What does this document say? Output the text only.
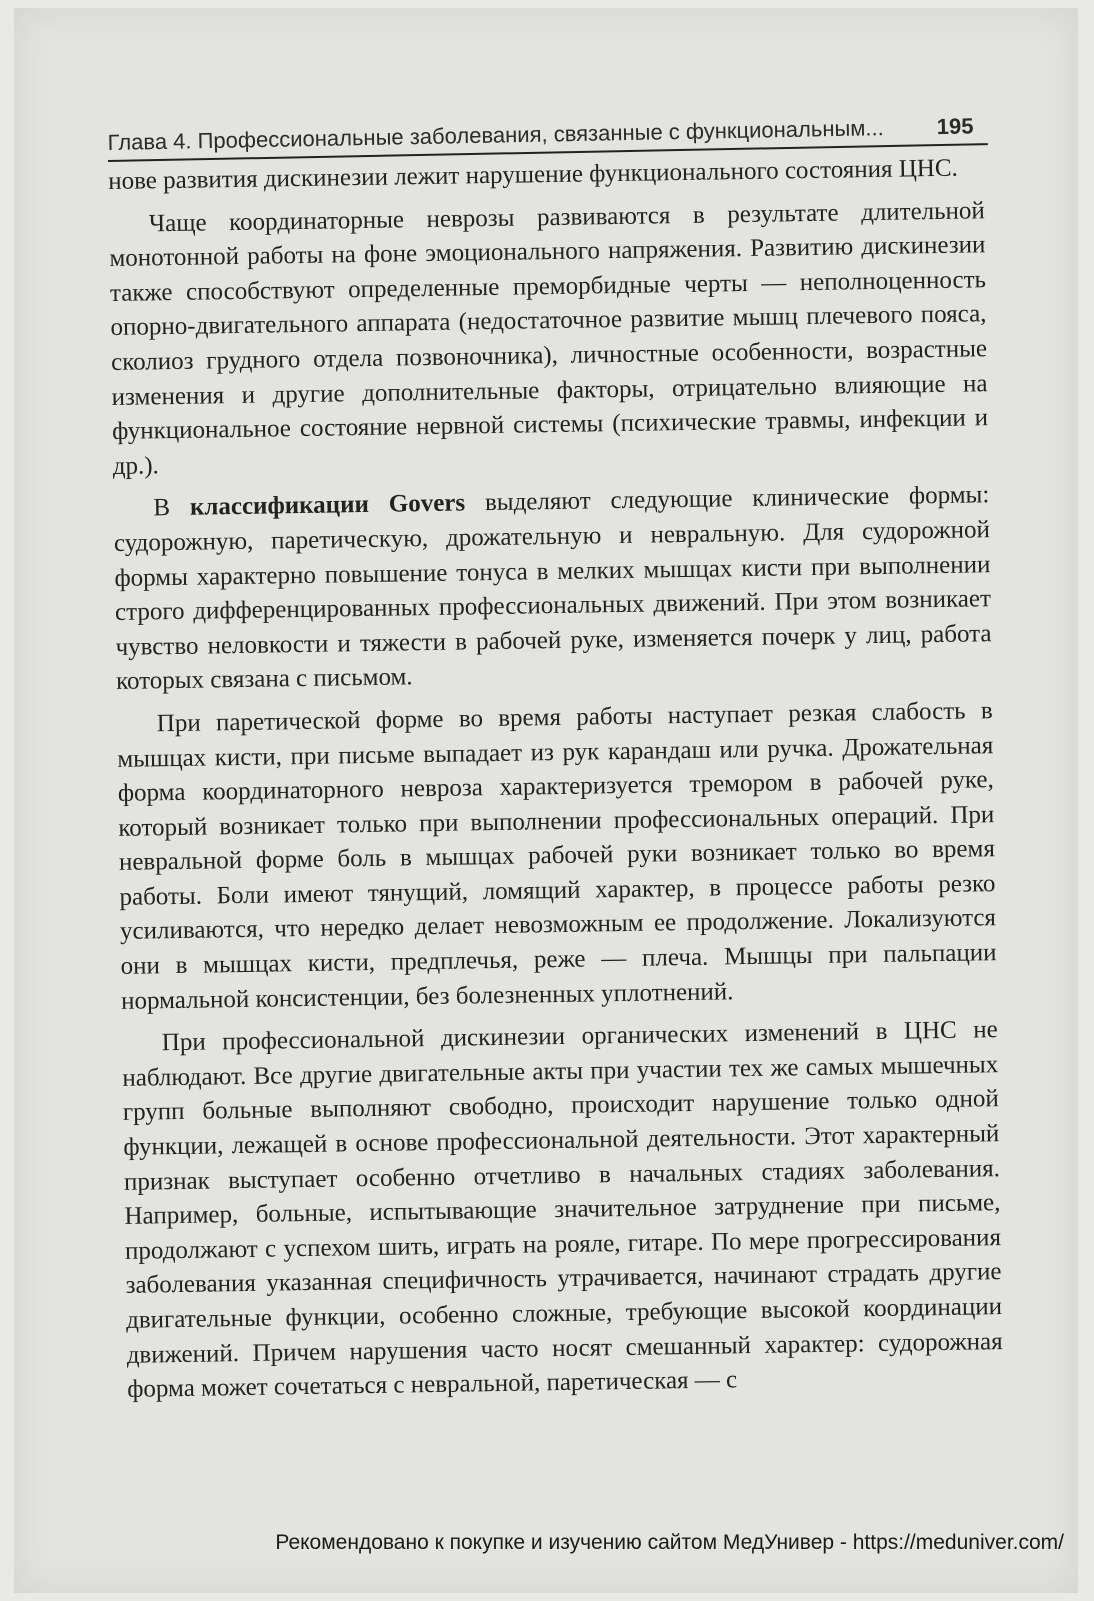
Глава 4. Профессиональные заболевания, связанные с функциональным... 195

нове развития дискинезии лежит нарушение функционального состояния ЦНС.

Чаще координаторные неврозы развиваются в результате длительной монотонной работы на фоне эмоционального напряжения. Развитию дискинезии также способствуют определенные преморбидные черты — неполноценность опорно-двигательного аппарата (недостаточное развитие мышц плечевого пояса, сколиоз грудного отдела позвоночника), личностные особенности, возрастные изменения и другие дополнительные факторы, отрицательно влияющие на функциональное состояние нервной системы (психические травмы, инфекции и др.).

В классификации Govers выделяют следующие клинические формы: судорожную, паретическую, дрожательную и невральную. Для судорожной формы характерно повышение тонуса в мелких мышцах кисти при выполнении строго дифференцированных профессиональных движений. При этом возникает чувство неловкости и тяжести в рабочей руке, изменяется почерк у лиц, работа которых связана с письмом.

При паретической форме во время работы наступает резкая слабость в мышцах кисти, при письме выпадает из рук карандаш или ручка. Дрожательная форма координаторного невроза характеризуется тремором в рабочей руке, который возникает только при выполнении профессиональных операций. При невральной форме боль в мышцах рабочей руки возникает только во время работы. Боли имеют тянущий, ломящий характер, в процессе работы резко усиливаются, что нередко делает невозможным ее продолжение. Локализуются они в мышцах кисти, предплечья, реже — плеча. Мышцы при пальпации нормальной консистенции, без болезненных уплотнений.

При профессиональной дискинезии органических изменений в ЦНС не наблюдают. Все другие двигательные акты при участии тех же самых мышечных групп больные выполняют свободно, происходит нарушение только одной функции, лежащей в основе профессиональной деятельности. Этот характерный признак выступает особенно отчетливо в начальных стадиях заболевания. Например, больные, испытывающие значительное затруднение при письме, продолжают с успехом шить, играть на рояле, гитаре. По мере прогрессирования заболевания указанная специфичность утрачивается, начинают страдать другие двигательные функции, особенно сложные, требующие высокой координации движений. Причем нарушения часто носят смешанный характер: судорожная форма может сочетаться с невральной, паретическая — с

Рекомендовано к покупке и изучению сайтом МедУнивер - https://meduniver.com/
